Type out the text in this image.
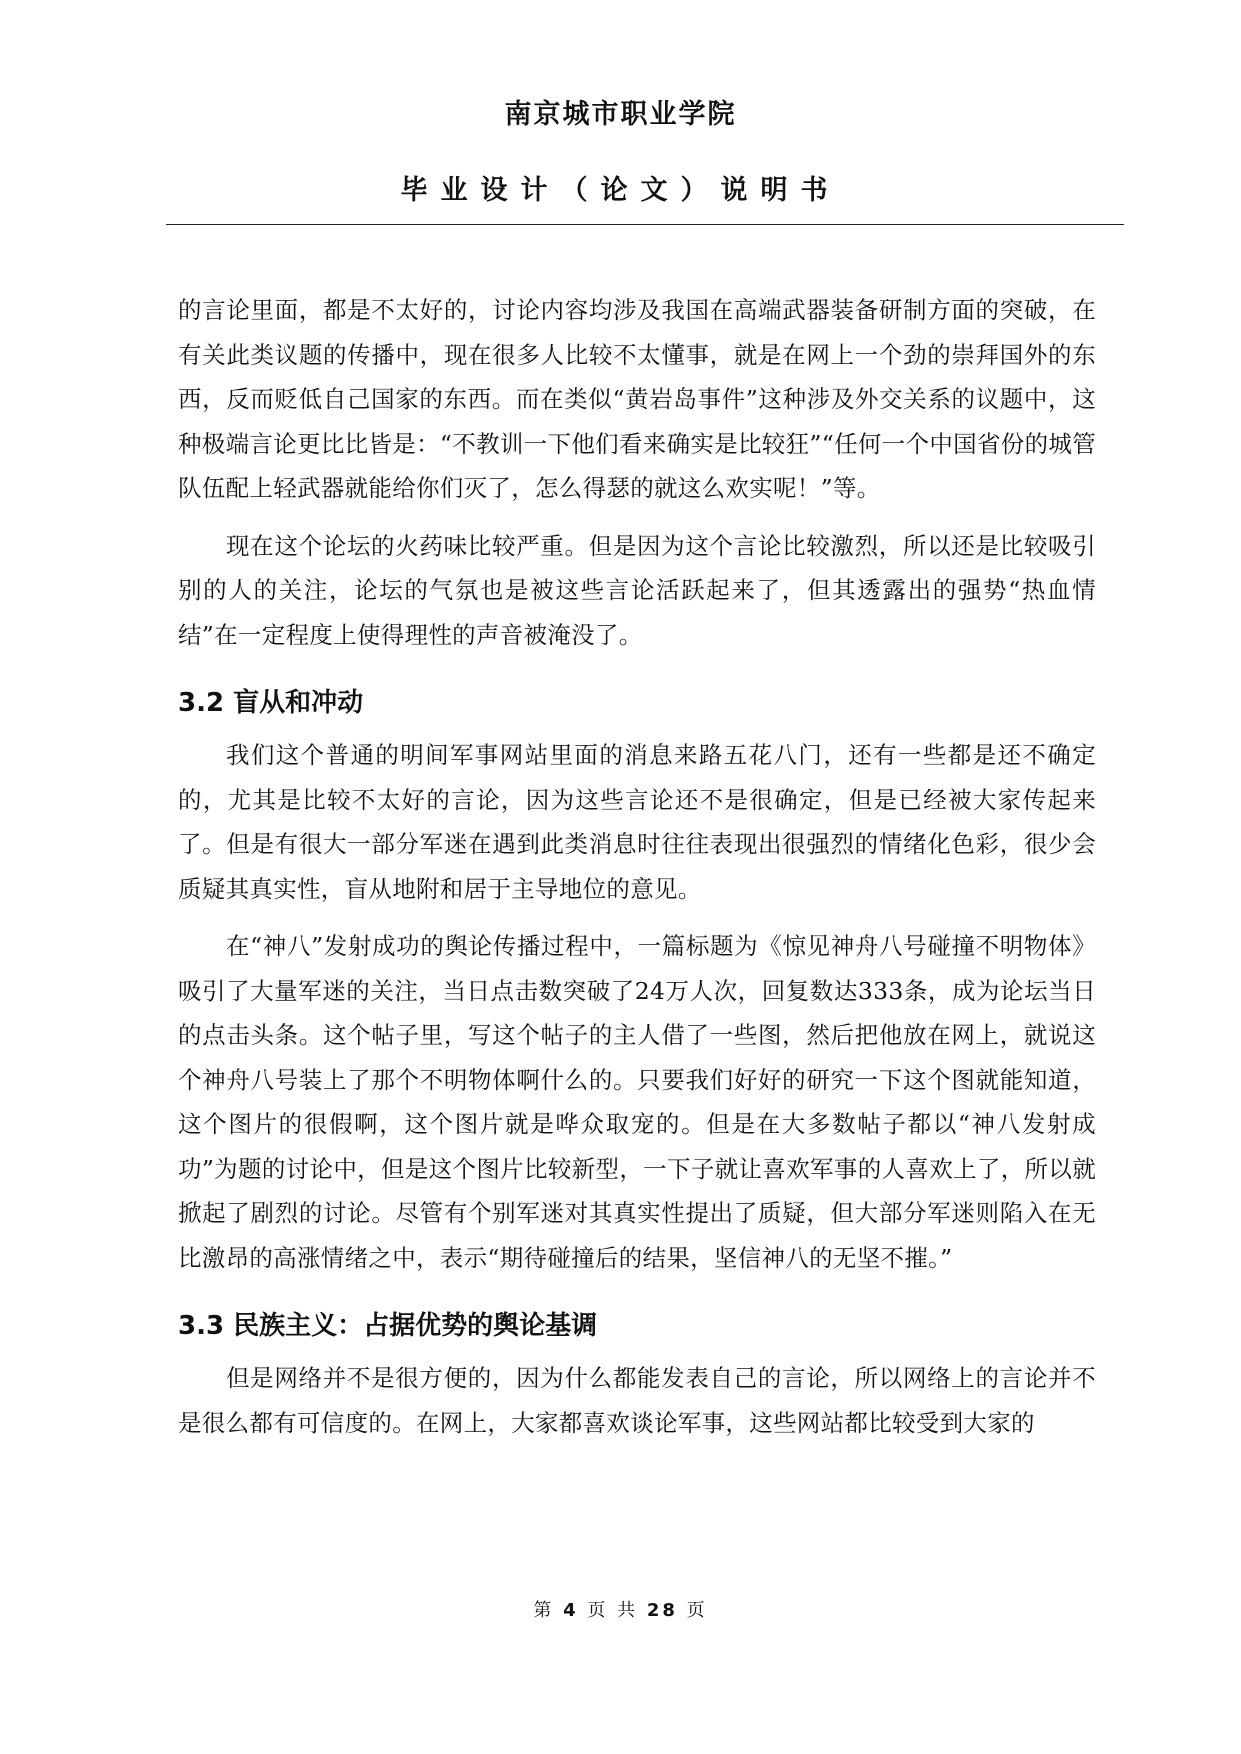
南京城市职业学院
毕业设计（论文）说明书

的言论里面，都是不太好的，讨论内容均涉及我国在高端武器装备研制方面的突破，在有关此类议题的传播中，现在很多人比较不太懂事，就是在网上一个劲的崇拜国外的东西，反而贬低自己国家的东西。而在类似“黄岩岛事件”这种涉及外交关系的议题中，这种极端言论更比比皆是：“不教训一下他们看来确实是比较狂”“任何一个中国省份的城管队伍配上轻武器就能给你们灭了，怎么得瑟的就这么欢实呢！”等。

现在这个论坛的火药味比较严重。但是因为这个言论比较激烈，所以还是比较吸引别的人的关注，论坛的气氛也是被这些言论活跃起来了，但其透露出的强势“热血情结”在一定程度上使得理性的声音被淹没了。

3.2 盲从和冲动

我们这个普通的明间军事网站里面的消息来路五花八门，还有一些都是还不确定的，尤其是比较不太好的言论，因为这些言论还不是很确定，但是已经被大家传起来了。但是有很大一部分军迷在遇到此类消息时往往表现出很强烈的情绪化色彩，很少会质疑其真实性，盲从地附和居于主导地位的意见。

在“神八”发射成功的舆论传播过程中，一篇标题为《惊见神舟八号碰撞不明物体》吸引了大量军迷的关注，当日点击数突破了24万人次，回复数达333条，成为论坛当日的点击头条。这个帖子里，写这个帖子的主人借了一些图，然后把他放在网上，就说这个神舟八号装上了那个不明物体啊什么的。只要我们好好的研究一下这个图就能知道，这个图片的很假啊，这个图片就是哗众取宠的。但是在大多数帖子都以“神八发射成功”为题的讨论中，但是这个图片比较新型，一下子就让喜欢军事的人喜欢上了，所以就掀起了剧烈的讨论。尽管有个别军迷对其真实性提出了质疑，但大部分军迷则陷入在无比激昂的高涨情绪之中，表示“期待碰撞后的结果，坚信神八的无坚不摧。”

3.3 民族主义：占据优势的舆论基调

但是网络并不是很方便的，因为什么都能发表自己的言论，所以网络上的言论并不是很么都有可信度的。在网上，大家都喜欢谈论军事，这些网站都比较受到大家的

第 4 页 共 28 页
